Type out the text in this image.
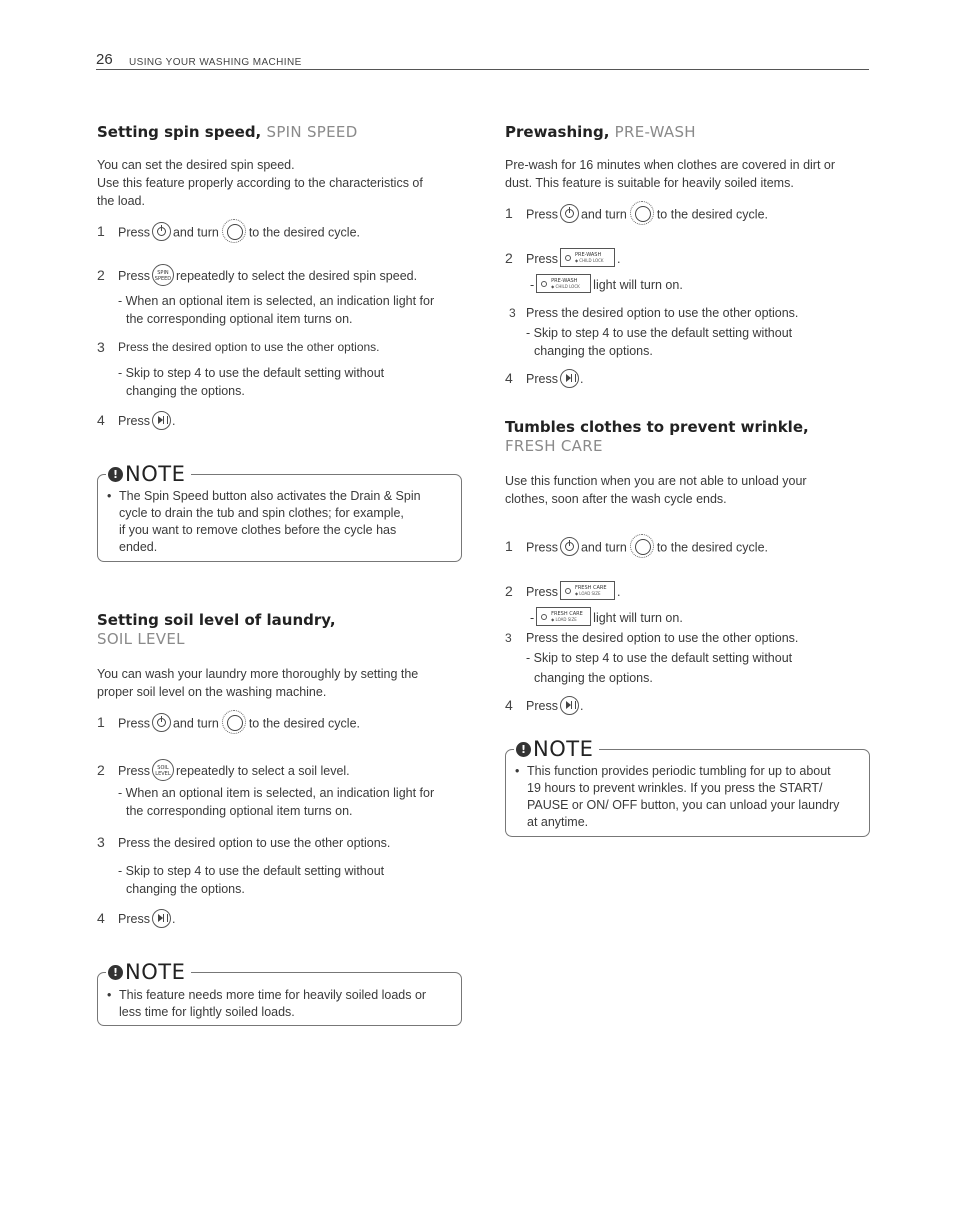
26 USING YOUR WASHING MACHINE
Setting spin speed, SPIN SPEED
You can set the desired spin speed.
Use this feature properly according to the characteristics of
the load.
1 Press and turn to the desired cycle.
2 Press SPIN
SPEED repeatedly to select the desired spin speed.
- When an optional item is selected, an indication light for
the corresponding optional item turns on.
3 Press the desired option to use the other options.
- Skip to step 4 to use the default setting without
changing the options.
4 Press .
! NOTE
• The Spin Speed button also activates the Drain & Spin
cycle to drain the tub and spin clothes; for example,
if you want to remove clothes before the cycle has
ended.
Setting soil level of laundry,
SOIL LEVEL
You can wash your laundry more thoroughly by setting the
proper soil level on the washing machine.
1 Press and turn to the desired cycle.
2 Press SOIL
LEVEL repeatedly to select a soil level.
- When an optional item is selected, an indication light for
the corresponding optional item turns on.
3 Press the desired option to use the other options.
- Skip to step 4 to use the default setting without
changing the options.
4 Press .
! NOTE
• This feature needs more time for heavily soiled loads or
less time for lightly soiled loads.
Prewashing, PRE-WASH
Pre-wash for 16 minutes when clothes are covered in dirt or
dust. This feature is suitable for heavily soiled items.
1 Press and turn to the desired cycle.
2 Press	PRE-WASH
◆ CHILD LOCK	.
-	PRE-WASH
◆ CHILD LOCK	light will turn on.
3 Press the desired option to use the other options.
- Skip to step 4 to use the default setting without
changing the options.
4 Press .
Tumbles clothes to prevent wrinkle,
FRESH CARE
Use this function when you are not able to unload your
clothes, soon after the wash cycle ends.
1 Press and turn to the desired cycle.
2 Press	FRESH CARE
◆ LOAD SIZE	.
-	FRESH CARE
◆ LOAD SIZE	light will turn on.
3 Press the desired option to use the other options.
- Skip to step 4 to use the default setting without
changing the options.
4 Press .
! NOTE
• This function provides periodic tumbling for up to about
19 hours to prevent wrinkles. If you press the START/
PAUSE or ON/ OFF button, you can unload your laundry
at anytime.
